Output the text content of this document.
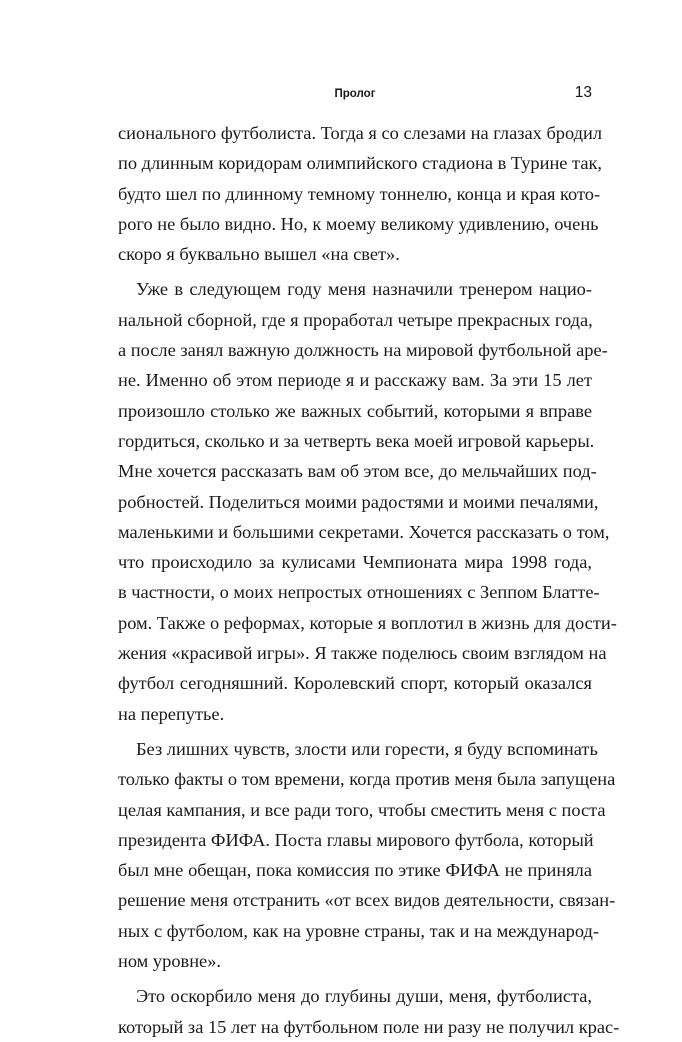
Пролог	13
сионального футболиста. Тогда я со слезами на глазах бродил
по длинным коридорам олимпийского стадиона в Турине так,
будто шел по длинному темному тоннелю, конца и края кото-
рого не было видно. Но, к моему великому удивлению, очень
скоро я буквально вышел «на свет».
Уже в следующем году меня назначили тренером нацио-
нальной сборной, где я проработал четыре прекрасных года,
а после занял важную должность на мировой футбольной аре-
не. Именно об этом периоде я и расскажу вам. За эти 15 лет
произошло столько же важных событий, которыми я вправе
гордиться, сколько и за четверть века моей игровой карьеры.
Мне хочется рассказать вам об этом все, до мельчайших под-
робностей. Поделиться моими радостями и моими печалями,
маленькими и большими секретами. Хочется рассказать о том,
что происходило за кулисами Чемпионата мира 1998 года,
в частности, о моих непростых отношениях с Зеппом Блатте-
ром. Также о реформах, которые я воплотил в жизнь для дости-
жения «красивой игры». Я также поделюсь своим взглядом на
футбол сегодняшний. Королевский спорт, который оказался
на перепутье.
Без лишних чувств, злости или горести, я буду вспоминать
только факты о том времени, когда против меня была запущена
целая кампания, и все ради того, чтобы сместить меня с поста
президента ФИФА. Поста главы мирового футбола, который
был мне обещан, пока комиссия по этике ФИФА не приняла
решение меня отстранить «от всех видов деятельности, связан-
ных с футболом, как на уровне страны, так и на международ-
ном уровне».
Это оскорбило меня до глубины души, меня, футболиста,
который за 15 лет на футбольном поле ни разу не получил крас-
